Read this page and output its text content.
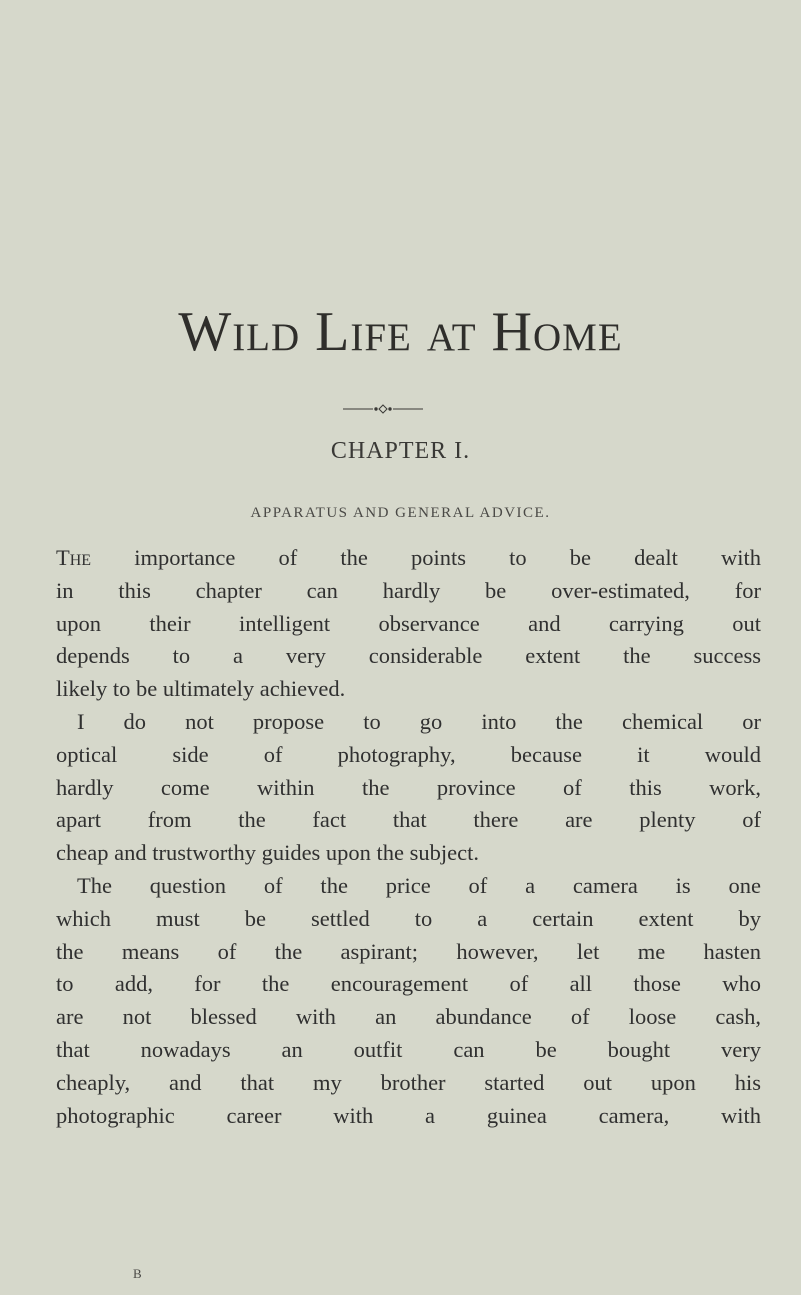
Wild Life at Home
CHAPTER I.
APPARATUS AND GENERAL ADVICE.
The importance of the points to be dealt with
in this chapter can hardly be over-estimated, for
upon their intelligent observance and carrying out
depends to a very considerable extent the success
likely to be ultimately achieved.
I do not propose to go into the chemical or
optical side of photography, because it would
hardly come within the province of this work,
apart from the fact that there are plenty of
cheap and trustworthy guides upon the subject.
The question of the price of a camera is one
which must be settled to a certain extent by
the means of the aspirant; however, let me hasten
to add, for the encouragement of all those who
are not blessed with an abundance of loose cash,
that nowadays an outfit can be bought very
cheaply, and that my brother started out upon his
photographic career with a guinea camera, with
B
